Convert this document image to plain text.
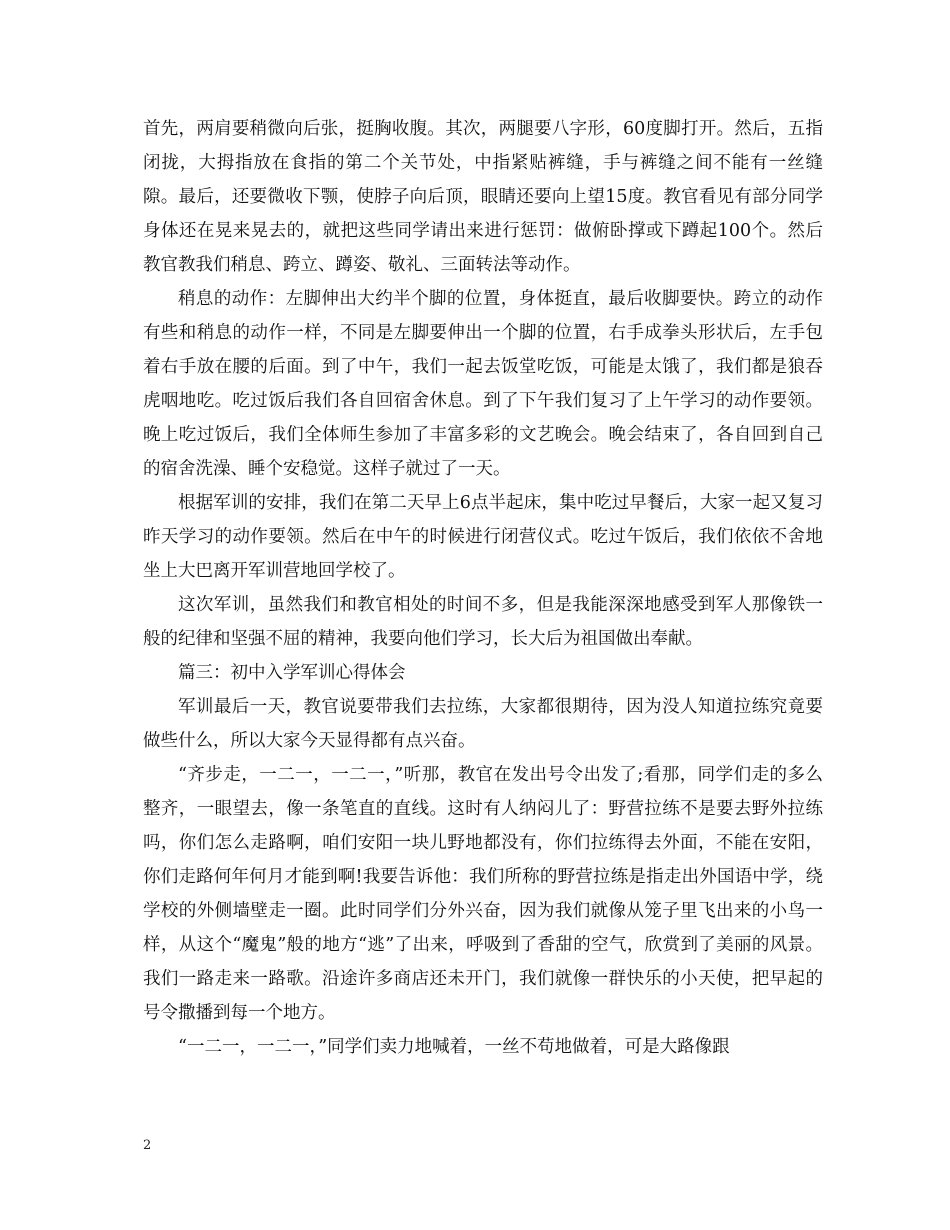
首先，两肩要稍微向后张，挺胸收腹。其次，两腿要八字形，60度脚打开。然后，五指闭拢，大拇指放在食指的第二个关节处，中指紧贴裤缝，手与裤缝之间不能有一丝缝隙。最后，还要微收下颚，使脖子向后顶，眼睛还要向上望15度。教官看见有部分同学身体还在晃来晃去的，就把这些同学请出来进行惩罚：做俯卧撑或下蹲起100个。然后教官教我们稍息、跨立、蹲姿、敬礼、三面转法等动作。

稍息的动作：左脚伸出大约半个脚的位置，身体挺直，最后收脚要快。跨立的动作有些和稍息的动作一样，不同是左脚要伸出一个脚的位置，右手成拳头形状后，左手包着右手放在腰的后面。到了中午，我们一起去饭堂吃饭，可能是太饿了，我们都是狼吞虎咽地吃。吃过饭后我们各自回宿舍休息。到了下午我们复习了上午学习的动作要领。晚上吃过饭后，我们全体师生参加了丰富多彩的文艺晚会。晚会结束了，各自回到自己的宿舍洗澡、睡个安稳觉。这样子就过了一天。

根据军训的安排，我们在第二天早上6点半起床，集中吃过早餐后，大家一起又复习昨天学习的动作要领。然后在中午的时候进行闭营仪式。吃过午饭后，我们依依不舍地坐上大巴离开军训营地回学校了。

这次军训，虽然我们和教官相处的时间不多，但是我能深深地感受到军人那像铁一般的纪律和坚强不屈的精神，我要向他们学习，长大后为祖国做出奉献。

篇三：初中入学军训心得体会

军训最后一天，教官说要带我们去拉练，大家都很期待，因为没人知道拉练究竟要做些什么，所以大家今天显得都有点兴奋。

“齐步走，一二一，一二一，”听那，教官在发出号令出发了;看那，同学们走的多么整齐，一眼望去，像一条笔直的直线。这时有人纳闷儿了：野营拉练不是要去野外拉练吗，你们怎么走路啊，咱们安阳一块儿野地都没有，你们拉练得去外面，不能在安阳，你们走路何年何月才能到啊!我要告诉他：我们所称的野营拉练是指走出外国语中学，绕学校的外侧墙壁走一圈。此时同学们分外兴奋，因为我们就像从笼子里飞出来的小鸟一样，从这个“魔鬼”般的地方“逃”了出来，呼吸到了香甜的空气，欣赏到了美丽的风景。我们一路走来一路歌。沿途许多商店还未开门，我们就像一群快乐的小天使，把早起的号令撒播到每一个地方。

“一二一，一二一，”同学们卖力地喊着，一丝不苟地做着，可是大路像跟

2
